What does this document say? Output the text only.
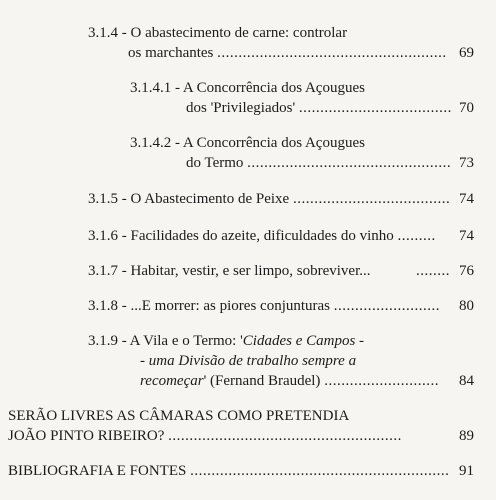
3.1.4 - O abastecimento de carne: controlar
os marchantes ...................................................... 69
3.1.4.1 - A Concorrência dos Açougues
dos 'Privilegiados' .................................... 70
3.1.4.2 - A Concorrência dos Açougues
do Termo ................................................ 73
3.1.5 - O Abastecimento de Peixe ..................................... 74
3.1.6 - Facilidades do azeite, dificuldades do vinho ......... 74
3.1.7 - Habitar, vestir, e ser limpo, sobreviver...	........ 76
3.1.8 - ...E morrer: as piores conjunturas ......................... 80
3.1.9 - A Vila e o Termo: 'Cidades e Campos -
- uma Divisão de trabalho sempre a
recomeçar' (Fernand Braudel) ........................... 84
SERÃO LIVRES AS CÂMARAS COMO PRETENDIA
JOÃO PINTO RIBEIRO? .......................................................	89
BIBLIOGRAFIA E FONTES ............................................................. 91
